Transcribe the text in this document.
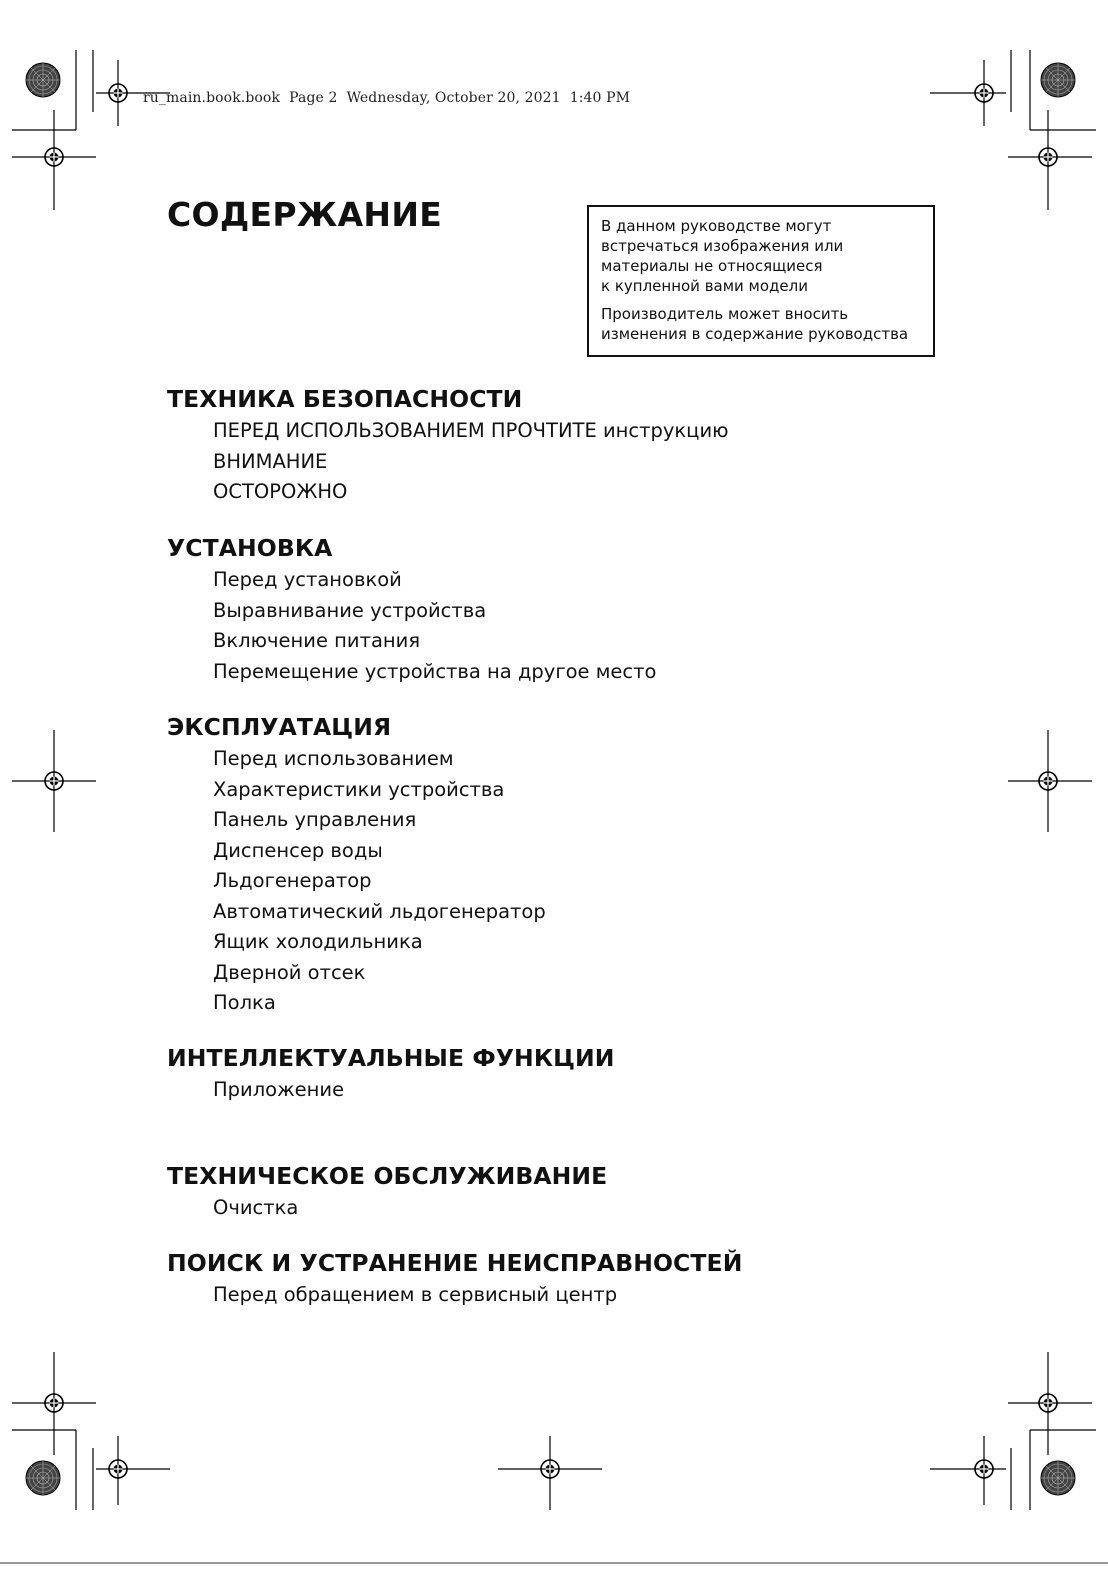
ru_main.book.book  Page 2  Wednesday, October 20, 2021  1:40 PM
СОДЕРЖАНИЕ	В данном руководстве могут
встречаться изображения или
материалы не относящиеся
к купленной вами модели

Производитель может вносить
изменения в содержание руководства

ТЕХНИКА БЕЗОПАСНОСТИ
ПЕРЕД ИСПОЛЬЗОВАНИЕМ ПРОЧТИТЕ инструкцию
ВНИМАНИЕ
ОСТОРОЖНО
УСТАНОВКА
Перед установкой
Выравнивание устройства
Включение питания
Перемещение устройства на другое место
ЭКСПЛУАТАЦИЯ
Перед использованием
Характеристики устройства
Панель управления
Диспенсер воды
Льдогенератор
Автоматический льдогенератор
Ящик холодильника
Дверной отсек
Полка
ИНТЕЛЛЕКТУАЛЬНЫЕ ФУНКЦИИ
Приложение
ТЕХНИЧЕСКОЕ ОБСЛУЖИВАНИЕ
Очистка
ПОИСК И УСТРАНЕНИЕ НЕИСПРАВНОСТЕЙ
Перед обращением в сервисный центр
